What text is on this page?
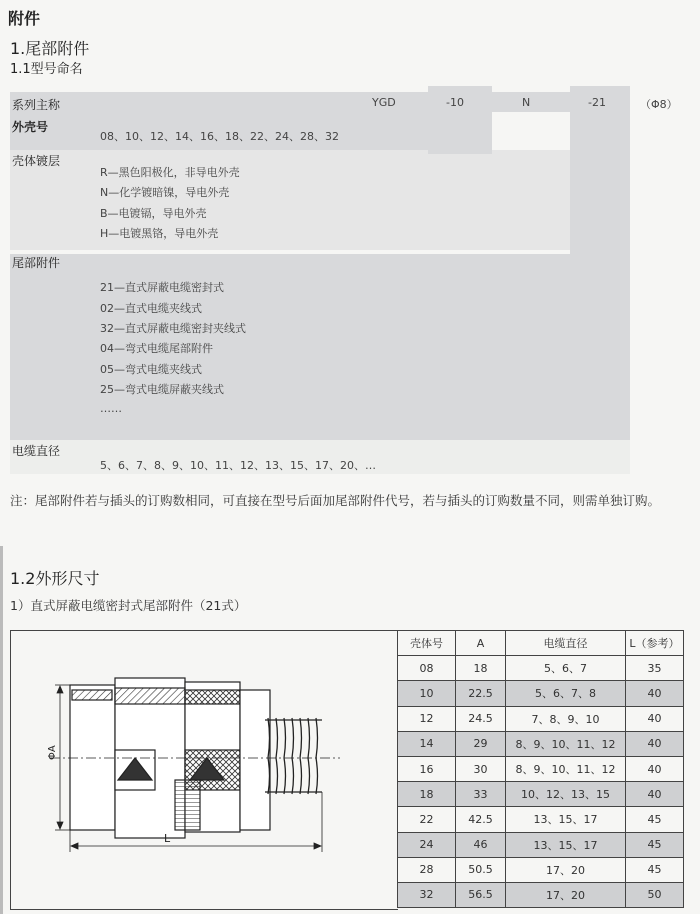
附件
1.尾部附件
1.1型号命名
系列主称	YGD	-10	N	-21	（Φ8）
外壳号
08、10、12、14、16、18、22、24、28、32
壳体镀层
R—黑色阳极化，非导电外壳
N—化学镀暗镍，导电外壳
B—电镀镉，导电外壳
H—电镀黑铬，导电外壳
尾部附件
21—直式屏蔽电缆密封式
02—直式电缆夹线式
32—直式屏蔽电缆密封夹线式
04—弯式电缆尾部附件
05—弯式电缆夹线式
25—弯式电缆屏蔽夹线式
……
电缆直径
5、6、7、8、9、10、11、12、13、15、17、20、…
注：尾部附件若与插头的订购数相同，可直接在型号后面加尾部附件代号，若与插头的订购数量不同，则需单独订购。
1.2外形尺寸
1）直式屏蔽电缆密封式尾部附件（21式）
ΦA
L
壳体号	A	电缆直径	L（参考）
08	18	5、6、7	35
10	22.5	5、6、7、8	40
12	24.5	7、8、9、10	40
14	29	8、9、10、11、12	40
16	30	8、9、10、11、12	40
18	33	10、12、13、15	40
22	42.5	13、15、17	45
24	46	13、15、17	45
28	50.5	17、20	45
32	56.5	17、20	50
